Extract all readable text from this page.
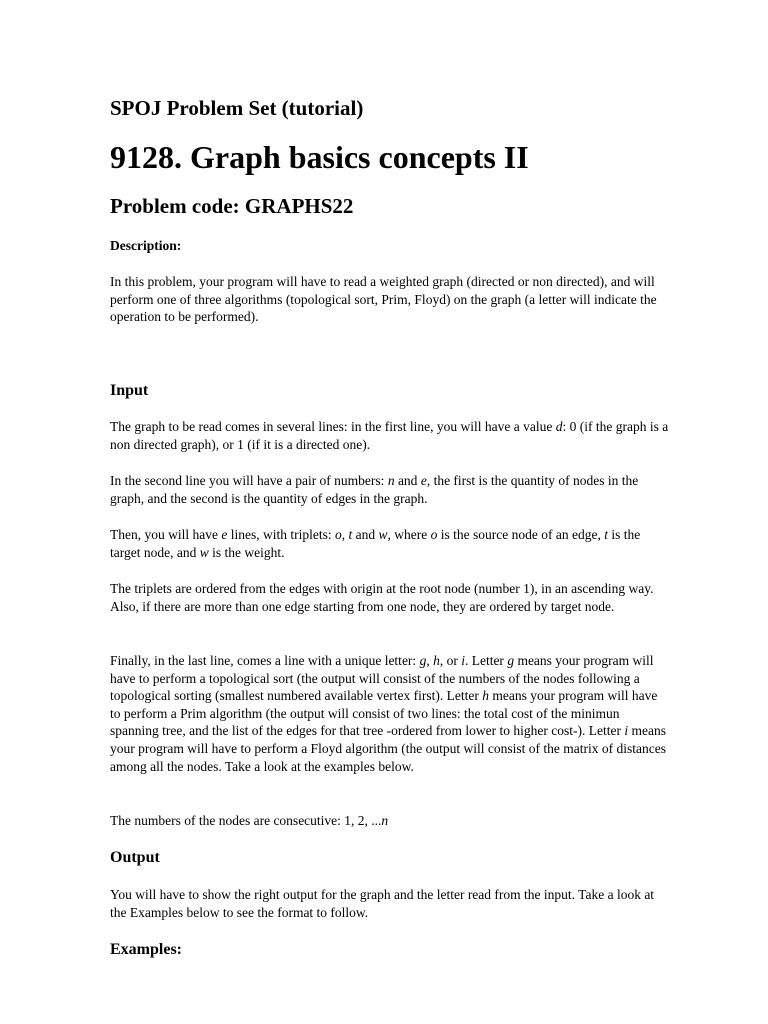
SPOJ Problem Set (tutorial)
9128. Graph basics concepts II
Problem code: GRAPHS22
Description:

In this problem, your program will have to read a weighted graph (directed or non directed), and will perform one of three algorithms (topological sort, Prim, Floyd) on the graph (a letter will indicate the operation to be performed).

Input

The graph to be read comes in several lines: in the first line, you will have a value d: 0 (if the graph is a non directed graph), or 1 (if it is a directed one).

In the second line you will have a pair of numbers: n and e, the first is the quantity of nodes in the graph, and the second is the quantity of edges in the graph.

Then, you will have e lines, with triplets: o, t and w, where o is the source node of an edge, t is the target node, and w is the weight.

The triplets are ordered from the edges with origin at the root node (number 1), in an ascending way. Also, if there are more than one edge starting from one node, they are ordered by target node.

Finally, in the last line, comes a line with a unique letter: g, h, or i. Letter g means your program will have to perform a topological sort (the output will consist of the numbers of the nodes following a topological sorting (smallest numbered available vertex first). Letter h means your program will have to perform a Prim algorithm (the output will consist of two lines: the total cost of the minimun spanning tree, and the list of the edges for that tree -ordered from lower to higher cost-). Letter i means your program will have to perform a Floyd algorithm (the output will consist of the matrix of distances among all the nodes. Take a look at the examples below.

The numbers of the nodes are consecutive: 1, 2, ...n

Output

You will have to show the right output for the graph and the letter read from the input. Take a look at the Examples below to see the format to follow.

Examples:
